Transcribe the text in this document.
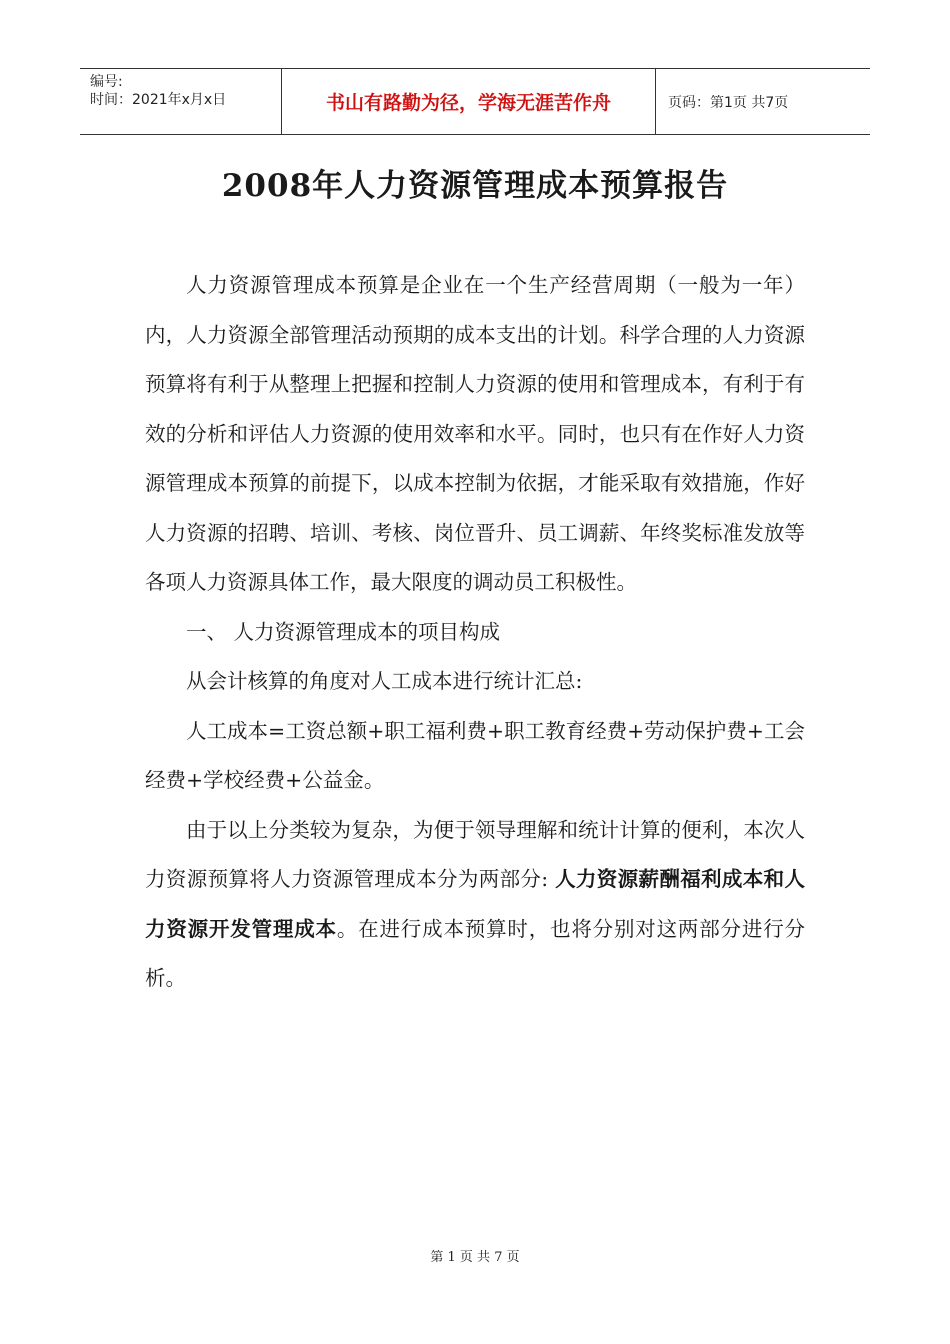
编号:
时间：2021年x月x日	书山有路勤为径，学海无涯苦作舟	页码：第1页 共7页
2008年人力资源管理成本预算报告

人力资源管理成本预算是企业在一个生产经营周期（一般为一年）内，人力资源全部管理活动预期的成本支出的计划。科学合理的人力资源预算将有利于从整理上把握和控制人力资源的使用和管理成本，有利于有效的分析和评估人力资源的使用效率和水平。同时，也只有在作好人力资源管理成本预算的前提下，以成本控制为依据，才能采取有效措施，作好人力资源的招聘、培训、考核、岗位晋升、员工调薪、年终奖标准发放等各项人力资源具体工作，最大限度的调动员工积极性。

一、 人力资源管理成本的项目构成

从会计核算的角度对人工成本进行统计汇总:

人工成本=工资总额+职工福利费+职工教育经费+劳动保护费+工会经费+学校经费+公益金。

由于以上分类较为复杂，为便于领导理解和统计计算的便利，本次人力资源预算将人力资源管理成本分为两部分: 人力资源薪酬福利成本和人力资源开发管理成本。在进行成本预算时，也将分别对这两部分进行分析。

第 1 页 共 7 页
